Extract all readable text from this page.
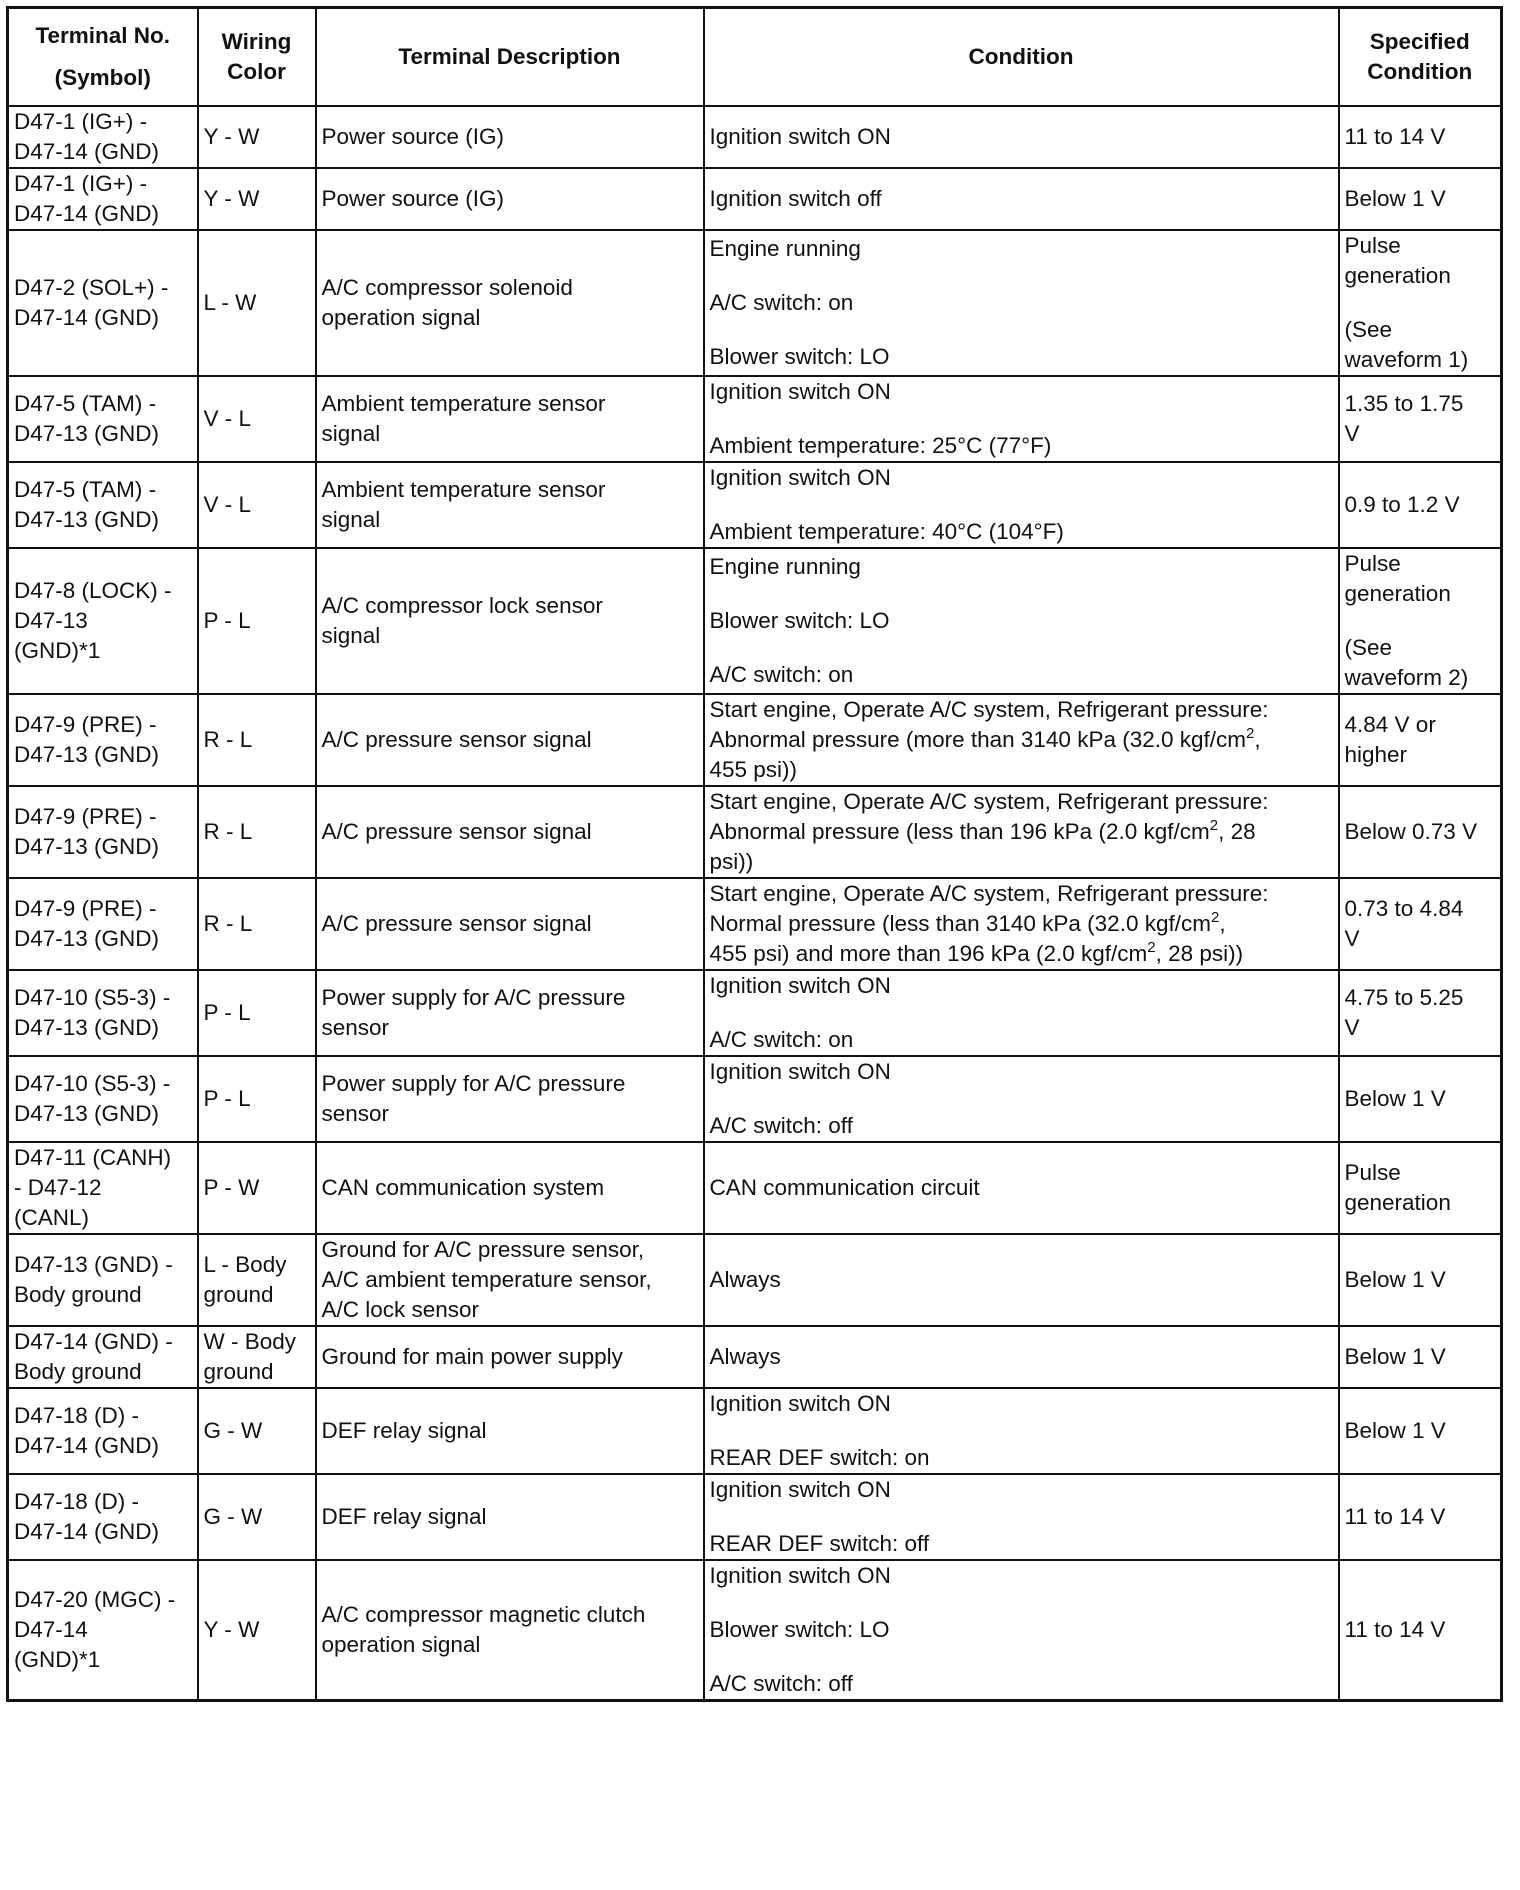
Terminal No.
(Symbol)	Wiring
Color	Terminal Description	Condition	Specified
Condition

D47-1 (IG+) -
D47-14 (GND)	Y - W	Power source (IG)	Ignition switch ON	11 to 14 V

D47-1 (IG+) -
D47-14 (GND)	Y - W	Power source (IG)	Ignition switch off	Below 1 V

D47-2 (SOL+) -
D47-14 (GND)	L - W	A/C compressor solenoid
operation signal	Engine running
A/C switch: on
Blower switch: LO	Pulse
generation
(See
waveform 1)

D47-5 (TAM) -
D47-13 (GND)	V - L	Ambient temperature sensor
signal	Ignition switch ON
Ambient temperature: 25°C (77°F)	1.35 to 1.75
V

D47-5 (TAM) -
D47-13 (GND)	V - L	Ambient temperature sensor
signal	Ignition switch ON
Ambient temperature: 40°C (104°F)	0.9 to 1.2 V

D47-8 (LOCK) -
D47-13
(GND)*1	P - L	A/C compressor lock sensor
signal	Engine running
Blower switch: LO
A/C switch: on	Pulse
generation
(See
waveform 2)

D47-9 (PRE) -
D47-13 (GND)	R - L	A/C pressure sensor signal	Start engine, Operate A/C system, Refrigerant pressure:
Abnormal pressure (more than 3140 kPa (32.0 kgf/$cm^2$,
455 psi))	4.84 V or
higher

D47-9 (PRE) -
D47-13 (GND)	R - L	A/C pressure sensor signal	Start engine, Operate A/C system, Refrigerant pressure:
Abnormal pressure (less than 196 kPa (2.0 kgf/$cm^2$, 28
psi))	Below 0.73 V

D47-9 (PRE) -
D47-13 (GND)	R - L	A/C pressure sensor signal	Start engine, Operate A/C system, Refrigerant pressure:
Normal pressure (less than 3140 kPa (32.0 kgf/$cm^2$,
455 psi) and more than 196 kPa (2.0 kgf/$cm^2$, 28 psi))	0.73 to 4.84
V

D47-10 (S5-3) -
D47-13 (GND)	P - L	Power supply for A/C pressure
sensor	Ignition switch ON
A/C switch: on	4.75 to 5.25
V

D47-10 (S5-3) -
D47-13 (GND)	P - L	Power supply for A/C pressure
sensor	Ignition switch ON
A/C switch: off	Below 1 V

D47-11 (CANH)
- D47-12
(CANL)	P - W	CAN communication system	CAN communication circuit	Pulse
generation

D47-13 (GND) -
Body ground	L - Body
ground	Ground for A/C pressure sensor,
A/C ambient temperature sensor,
A/C lock sensor	Always	Below 1 V

D47-14 (GND) -
Body ground	W - Body
ground	Ground for main power supply	Always	Below 1 V

D47-18 (D) -
D47-14 (GND)	G - W	DEF relay signal	Ignition switch ON
REAR DEF switch: on	Below 1 V

D47-18 (D) -
D47-14 (GND)	G - W	DEF relay signal	Ignition switch ON
REAR DEF switch: off	11 to 14 V

D47-20 (MGC) -
D47-14
(GND)*1	Y - W	A/C compressor magnetic clutch
operation signal	Ignition switch ON
Blower switch: LO
A/C switch: off	11 to 14 V
